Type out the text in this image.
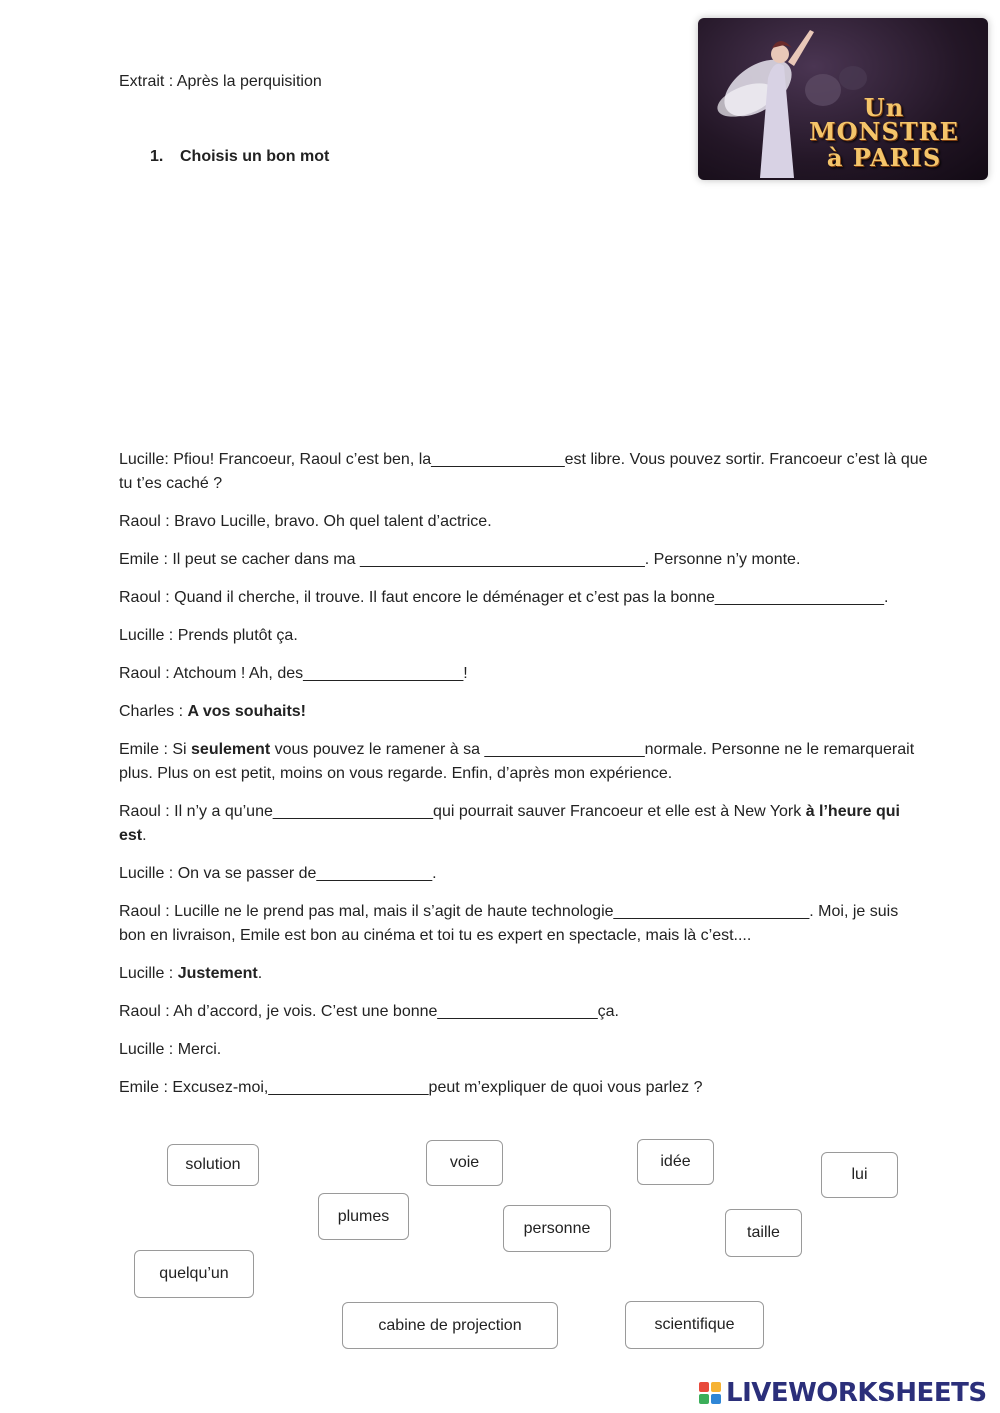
Extrait : Après la perquisition
1. Choisis un bon mot
Un MONSTRE
à PARIS

Lucille: Pfiou! Francoeur, Raoul c’est ben, la_______________est libre. Vous pouvez sortir. Francoeur c’est là que tu t’es caché ?

Raoul : Bravo Lucille, bravo. Oh quel talent d’actrice.

Emile : Il peut se cacher dans ma ________________________________. Personne n’y monte.

Raoul : Quand il cherche, il trouve. Il faut encore le déménager et c’est pas la bonne___________________.

Lucille : Prends plutôt ça.

Raoul : Atchoum ! Ah, des__________________!

Charles : A vos souhaits!

Emile : Si seulement vous pouvez le ramener à sa __________________normale. Personne ne le remarquerait plus. Plus on est petit, moins on vous regarde. Enfin, d’après mon expérience.

Raoul : Il n’y a qu’une__________________qui pourrait sauver Francoeur et elle est à New York à l’heure qui est.

Lucille : On va se passer de_____________.

Raoul : Lucille ne le prend pas mal, mais il s’agit de haute technologie______________________. Moi, je suis bon en livraison, Emile est bon au cinéma et toi tu es expert en spectacle, mais là c’est....

Lucille : Justement.

Raoul : Ah d’accord, je vois. C’est une bonne__________________ça.

Lucille : Merci.

Emile : Excusez-moi,__________________peut m’expliquer de quoi vous parlez ?

solution	voie	idée
lui
plumes
personne	taille
quelqu’un
cabine de projection	scientifique
LIVEWORKSHEETS
